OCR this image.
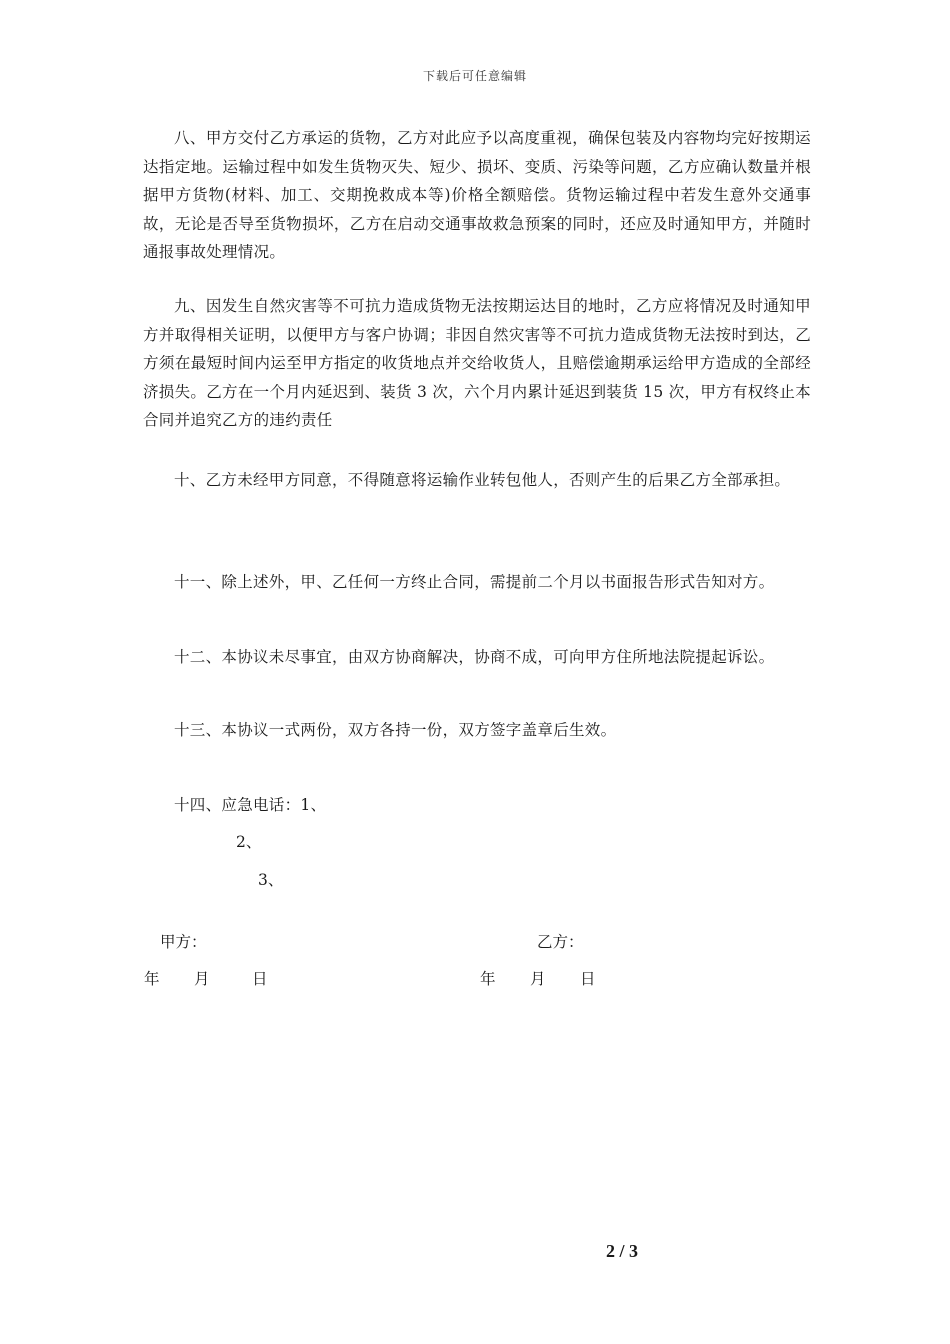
下载后可任意编辑

八、甲方交付乙方承运的货物，乙方对此应予以高度重视，确保包装及内容物均完好按期运达指定地。运输过程中如发生货物灭失、短少、损坏、变质、污染等问题，乙方应确认数量并根据甲方货物(材料、加工、交期挽救成本等)价格全额赔偿。货物运输过程中若发生意外交通事故，无论是否导至货物损坏，乙方在启动交通事故救急预案的同时，还应及时通知甲方，并随时通报事故处理情况。

九、因发生自然灾害等不可抗力造成货物无法按期运达目的地时，乙方应将情况及时通知甲方并取得相关证明，以便甲方与客户协调；非因自然灾害等不可抗力造成货物无法按时到达，乙方须在最短时间内运至甲方指定的收货地点并交给收货人，且赔偿逾期承运给甲方造成的全部经济损失。乙方在一个月内延迟到、装货 3 次，六个月内累计延迟到装货 15 次，甲方有权终止本合同并追究乙方的违约责任

十、乙方未经甲方同意，不得随意将运输作业转包他人，否则产生的后果乙方全部承担。

十一、除上述外，甲、乙任何一方终止合同，需提前二个月以书面报告形式告知对方。

十二、本协议未尽事宜，由双方协商解决，协商不成，可向甲方住所地法院提起诉讼。

十三、本协议一式两份，双方各持一份，双方签字盖章后生效。

十四、应急电话：1、

2、

3、

甲方：	乙方：

年 月	日	年 月 日
2 / 3
